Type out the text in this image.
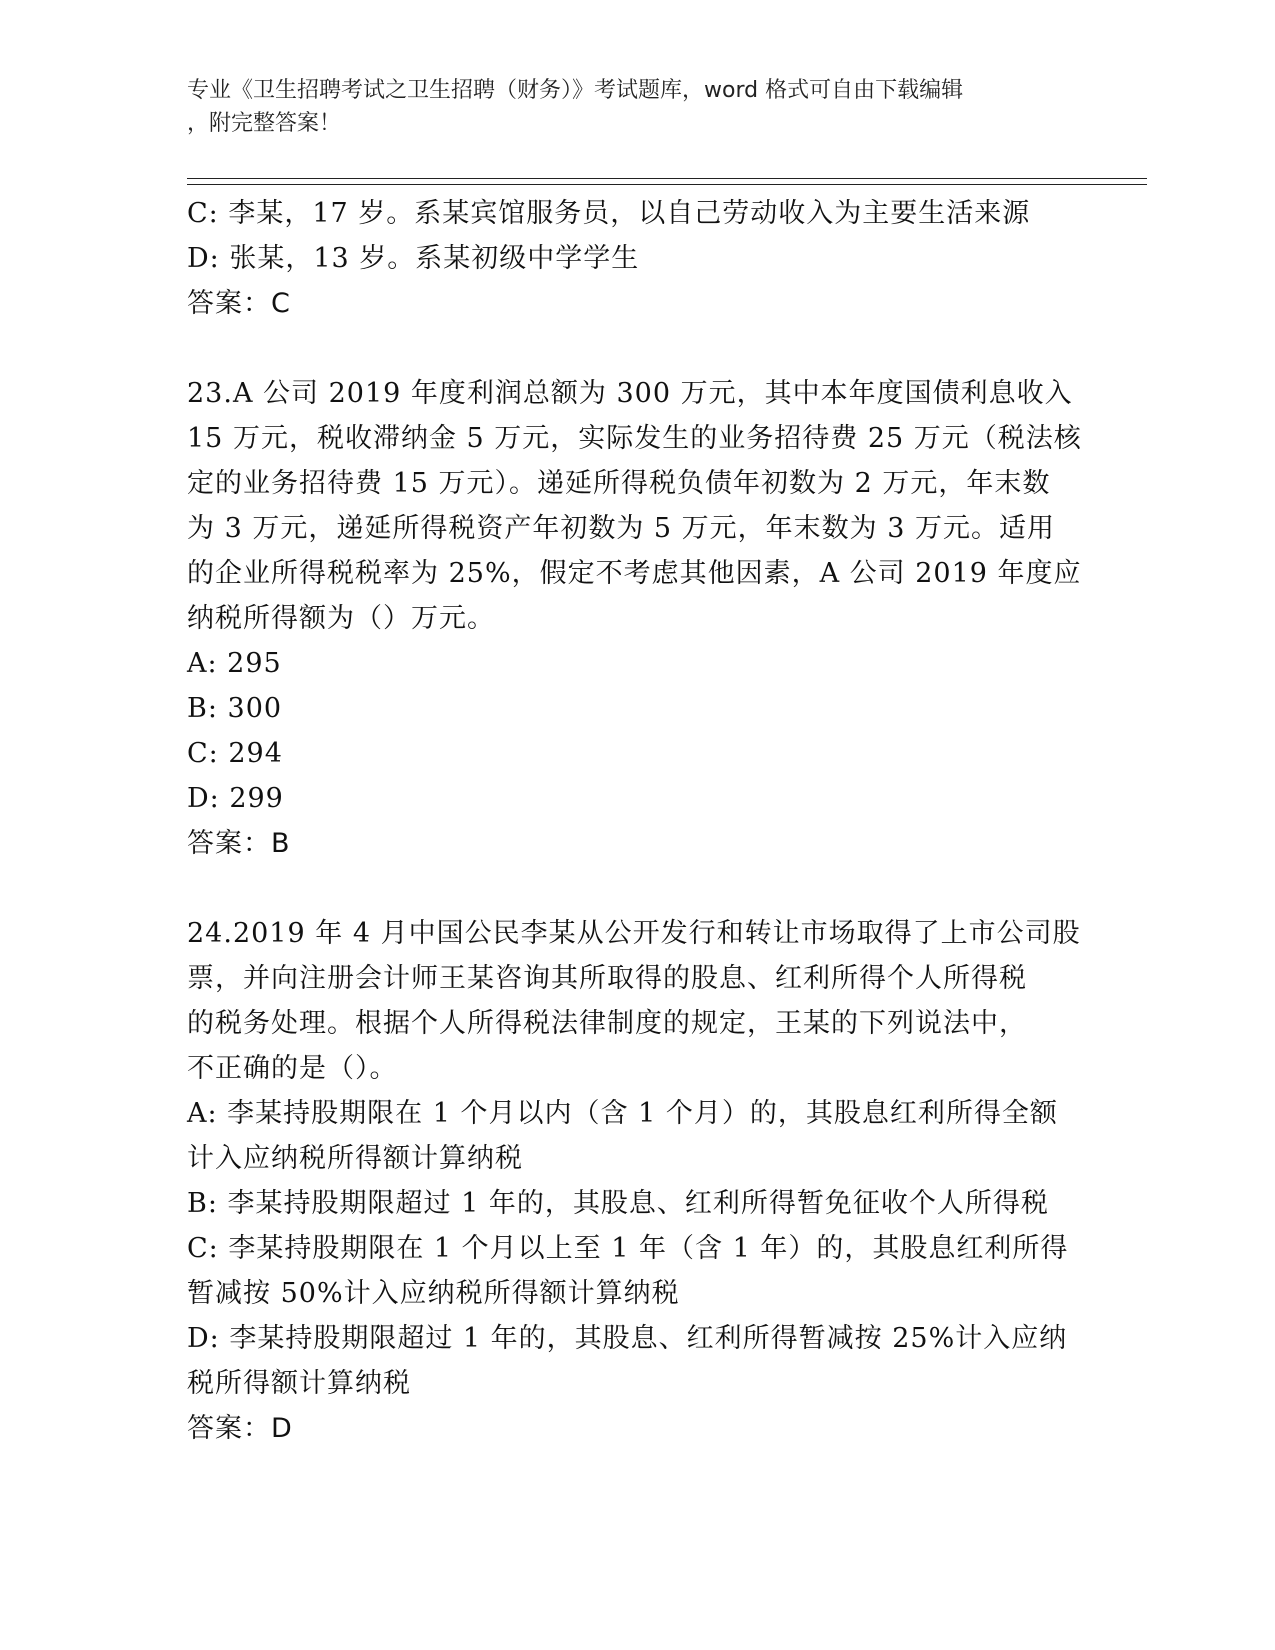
专业《卫生招聘考试之卫生招聘（财务）》考试题库，word 格式可自由下载编辑
，附完整答案！
C: 李某，17 岁。系某宾馆服务员，以自己劳动收入为主要生活来源
D: 张某，13 岁。系某初级中学学生
答案：C
23.A 公司 2019 年度利润总额为 300 万元，其中本年度国债利息收入
15 万元，税收滞纳金 5 万元，实际发生的业务招待费 25 万元（税法核
定的业务招待费 15 万元）。递延所得税负债年初数为 2 万元，年末数
为 3 万元，递延所得税资产年初数为 5 万元，年末数为 3 万元。适用
的企业所得税税率为 25%，假定不考虑其他因素，A 公司 2019 年度应
纳税所得额为（）万元。
A: 295
B: 300
C: 294
D: 299
答案：B
24.2019 年 4 月中国公民李某从公开发行和转让市场取得了上市公司股
票，并向注册会计师王某咨询其所取得的股息、红利所得个人所得税
的税务处理。根据个人所得税法律制度的规定，王某的下列说法中，
不正确的是（）。
A: 李某持股期限在 1 个月以内（含 1 个月）的，其股息红利所得全额
计入应纳税所得额计算纳税
B: 李某持股期限超过 1 年的，其股息、红利所得暂免征收个人所得税
C: 李某持股期限在 1 个月以上至 1 年（含 1 年）的，其股息红利所得
暂减按 50%计入应纳税所得额计算纳税
D: 李某持股期限超过 1 年的，其股息、红利所得暂减按 25%计入应纳
税所得额计算纳税
答案：D
